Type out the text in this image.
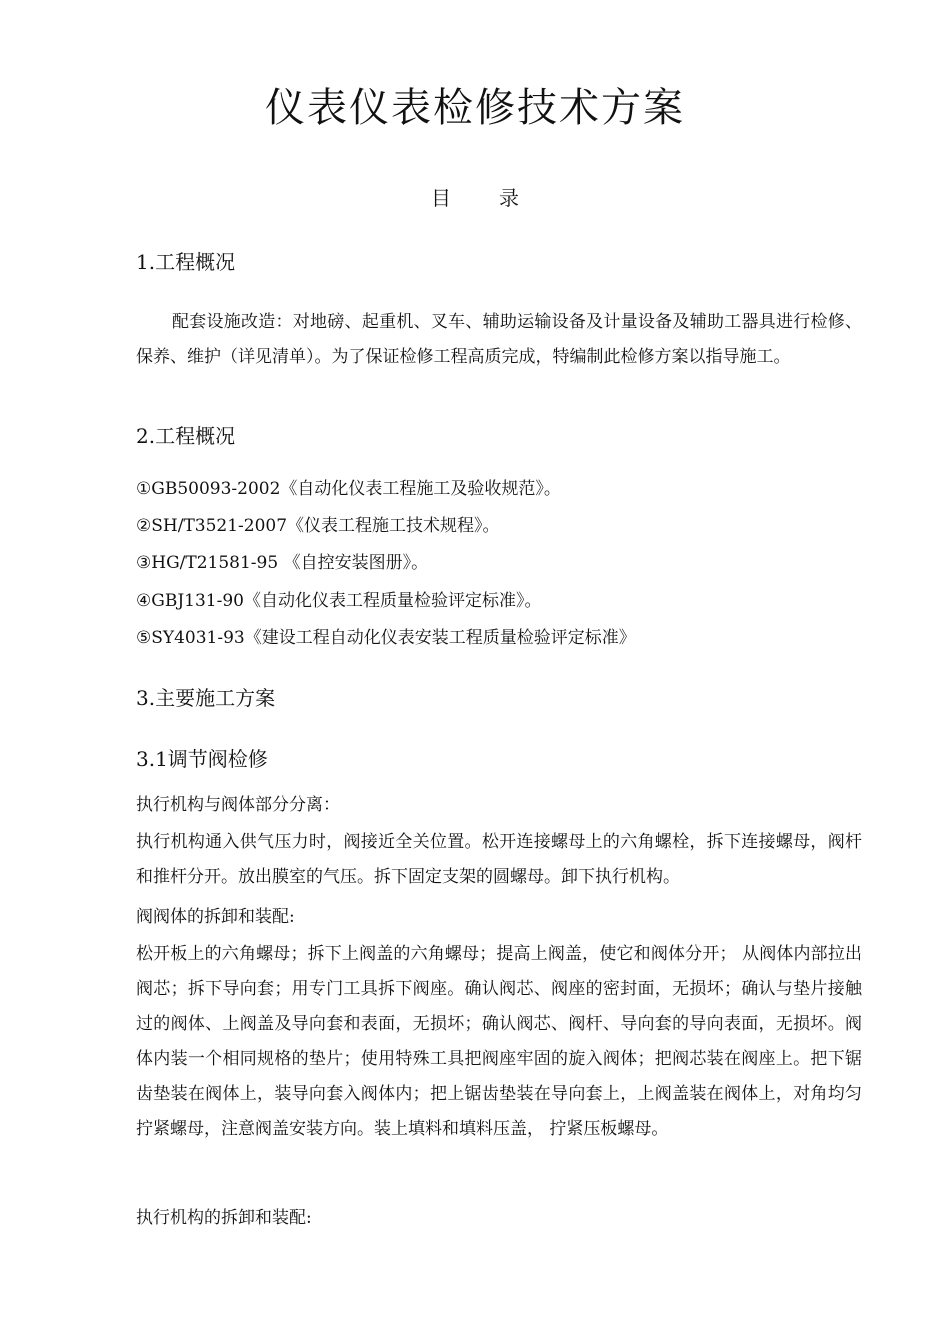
仪表仪表检修技术方案
目 录
1.工程概况
配套设施改造：对地磅、起重机、叉车、辅助运输设备及计量设备及辅助工器具进行检修、保养、维护（详见清单）。为了保证检修工程高质完成，特编制此检修方案以指导施工。
2.工程概况
①GB50093-2002《自动化仪表工程施工及验收规范》。
②SH/T3521-2007《仪表工程施工技术规程》。
③HG/T21581-95 《自控安装图册》。
④GBJ131-90《自动化仪表工程质量检验评定标准》。
⑤SY4031-93《建设工程自动化仪表安装工程质量检验评定标准》
3.主要施工方案
3.1调节阀检修
执行机构与阀体部分分离：
执行机构通入供气压力时，阀接近全关位置。松开连接螺母上的六角螺栓，拆下连接螺母，阀杆和推杆分开。放出膜室的气压。拆下固定支架的圆螺母。卸下执行机构。
阀阀体的拆卸和装配:
松开板上的六角螺母；拆下上阀盖的六角螺母；提高上阀盖，使它和阀体分开； 从阀体内部拉出阀芯；拆下导向套；用专门工具拆下阀座。确认阀芯、阀座的密封面，无损坏；确认与垫片接触过的阀体、上阀盖及导向套和表面，无损坏；确认阀芯、阀杆、导向套的导向表面，无损坏。阀体内装一个相同规格的垫片；使用特殊工具把阀座牢固的旋入阀体；把阀芯装在阀座上。把下锯齿垫装在阀体上，装导向套入阀体内；把上锯齿垫装在导向套上，上阀盖装在阀体上，对角均匀拧紧螺母，注意阀盖安装方向。装上填料和填料压盖， 拧紧压板螺母。
执行机构的拆卸和装配:
